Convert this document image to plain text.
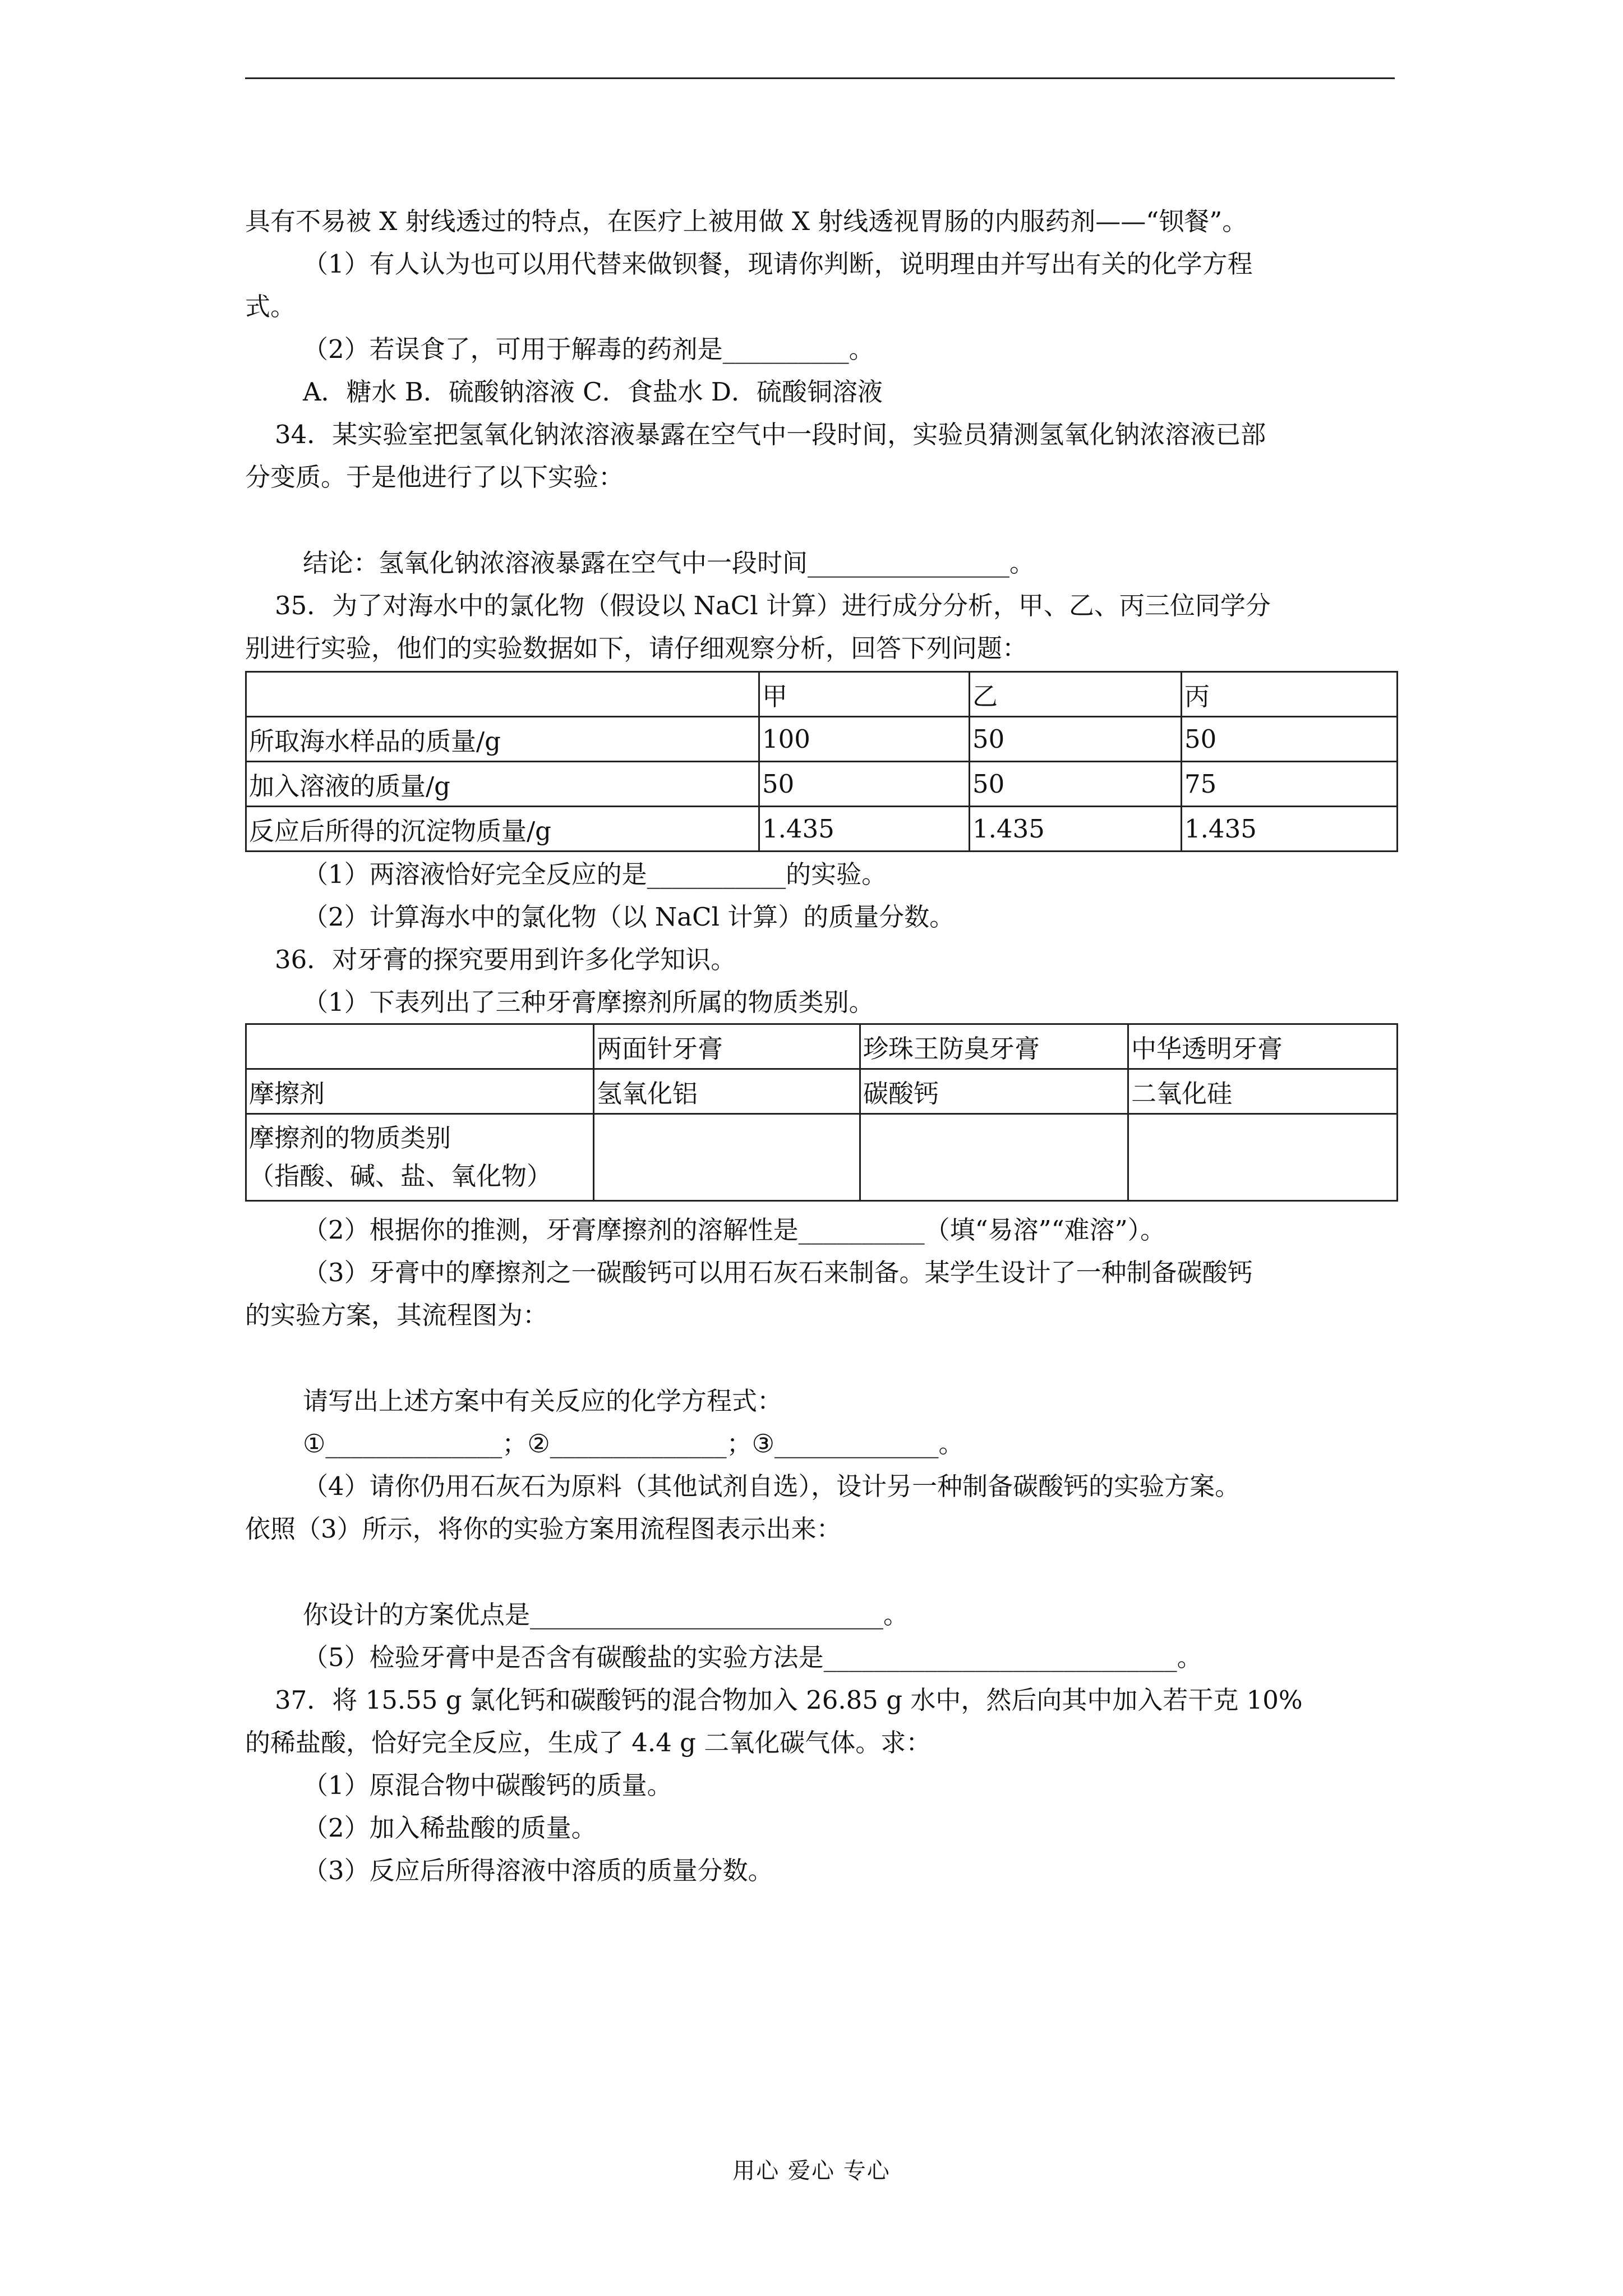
具有不易被 X 射线透过的特点，在医疗上被用做 X 射线透视胃肠的内服药剂——“钡餐”。
（1）有人认为也可以用代替来做钡餐，现请你判断，说明理由并写出有关的化学方程
式。
（2）若误食了，可用于解毒的药剂是__________。
A．糖水 B．硫酸钠溶液 C．食盐水 D．硫酸铜溶液
34．某实验室把氢氧化钠浓溶液暴露在空气中一段时间，实验员猜测氢氧化钠浓溶液已部
分变质。于是他进行了以下实验：
结论：氢氧化钠浓溶液暴露在空气中一段时间________________。
35．为了对海水中的氯化物（假设以 NaCl 计算）进行成分分析，甲、乙、丙三位同学分
别进行实验，他们的实验数据如下，请仔细观察分析，回答下列问题：
	甲	乙	丙
所取海水样品的质量/g	100	50	50
加入溶液的质量/g	50	50	75
反应后所得的沉淀物质量/g	1.435	1.435	1.435
（1）两溶液恰好完全反应的是___________的实验。
（2）计算海水中的氯化物（以 NaCl 计算）的质量分数。
36．对牙膏的探究要用到许多化学知识。
（1）下表列出了三种牙膏摩擦剂所属的物质类别。
	两面针牙膏	珍珠王防臭牙膏	中华透明牙膏
摩擦剂	氢氧化铝	碳酸钙	二氧化硅

摩擦剂的物质类别
（指酸、碱、盐、氧化物）			

（2）根据你的推测，牙膏摩擦剂的溶解性是__________（填“易溶”“难溶”）。
（3）牙膏中的摩擦剂之一碳酸钙可以用石灰石来制备。某学生设计了一种制备碳酸钙
的实验方案，其流程图为：
请写出上述方案中有关反应的化学方程式：
①______________；②______________；③_____________。
（4）请你仍用石灰石为原料（其他试剂自选），设计另一种制备碳酸钙的实验方案。
依照（3）所示，将你的实验方案用流程图表示出来：
你设计的方案优点是____________________________。
（5）检验牙膏中是否含有碳酸盐的实验方法是____________________________。
37．将 15.55 g 氯化钙和碳酸钙的混合物加入 26.85 g 水中，然后向其中加入若干克 10%
的稀盐酸，恰好完全反应，生成了 4.4 g 二氧化碳气体。求：
（1）原混合物中碳酸钙的质量。
（2）加入稀盐酸的质量。
（3）反应后所得溶液中溶质的质量分数。
用心 爱心 专心
